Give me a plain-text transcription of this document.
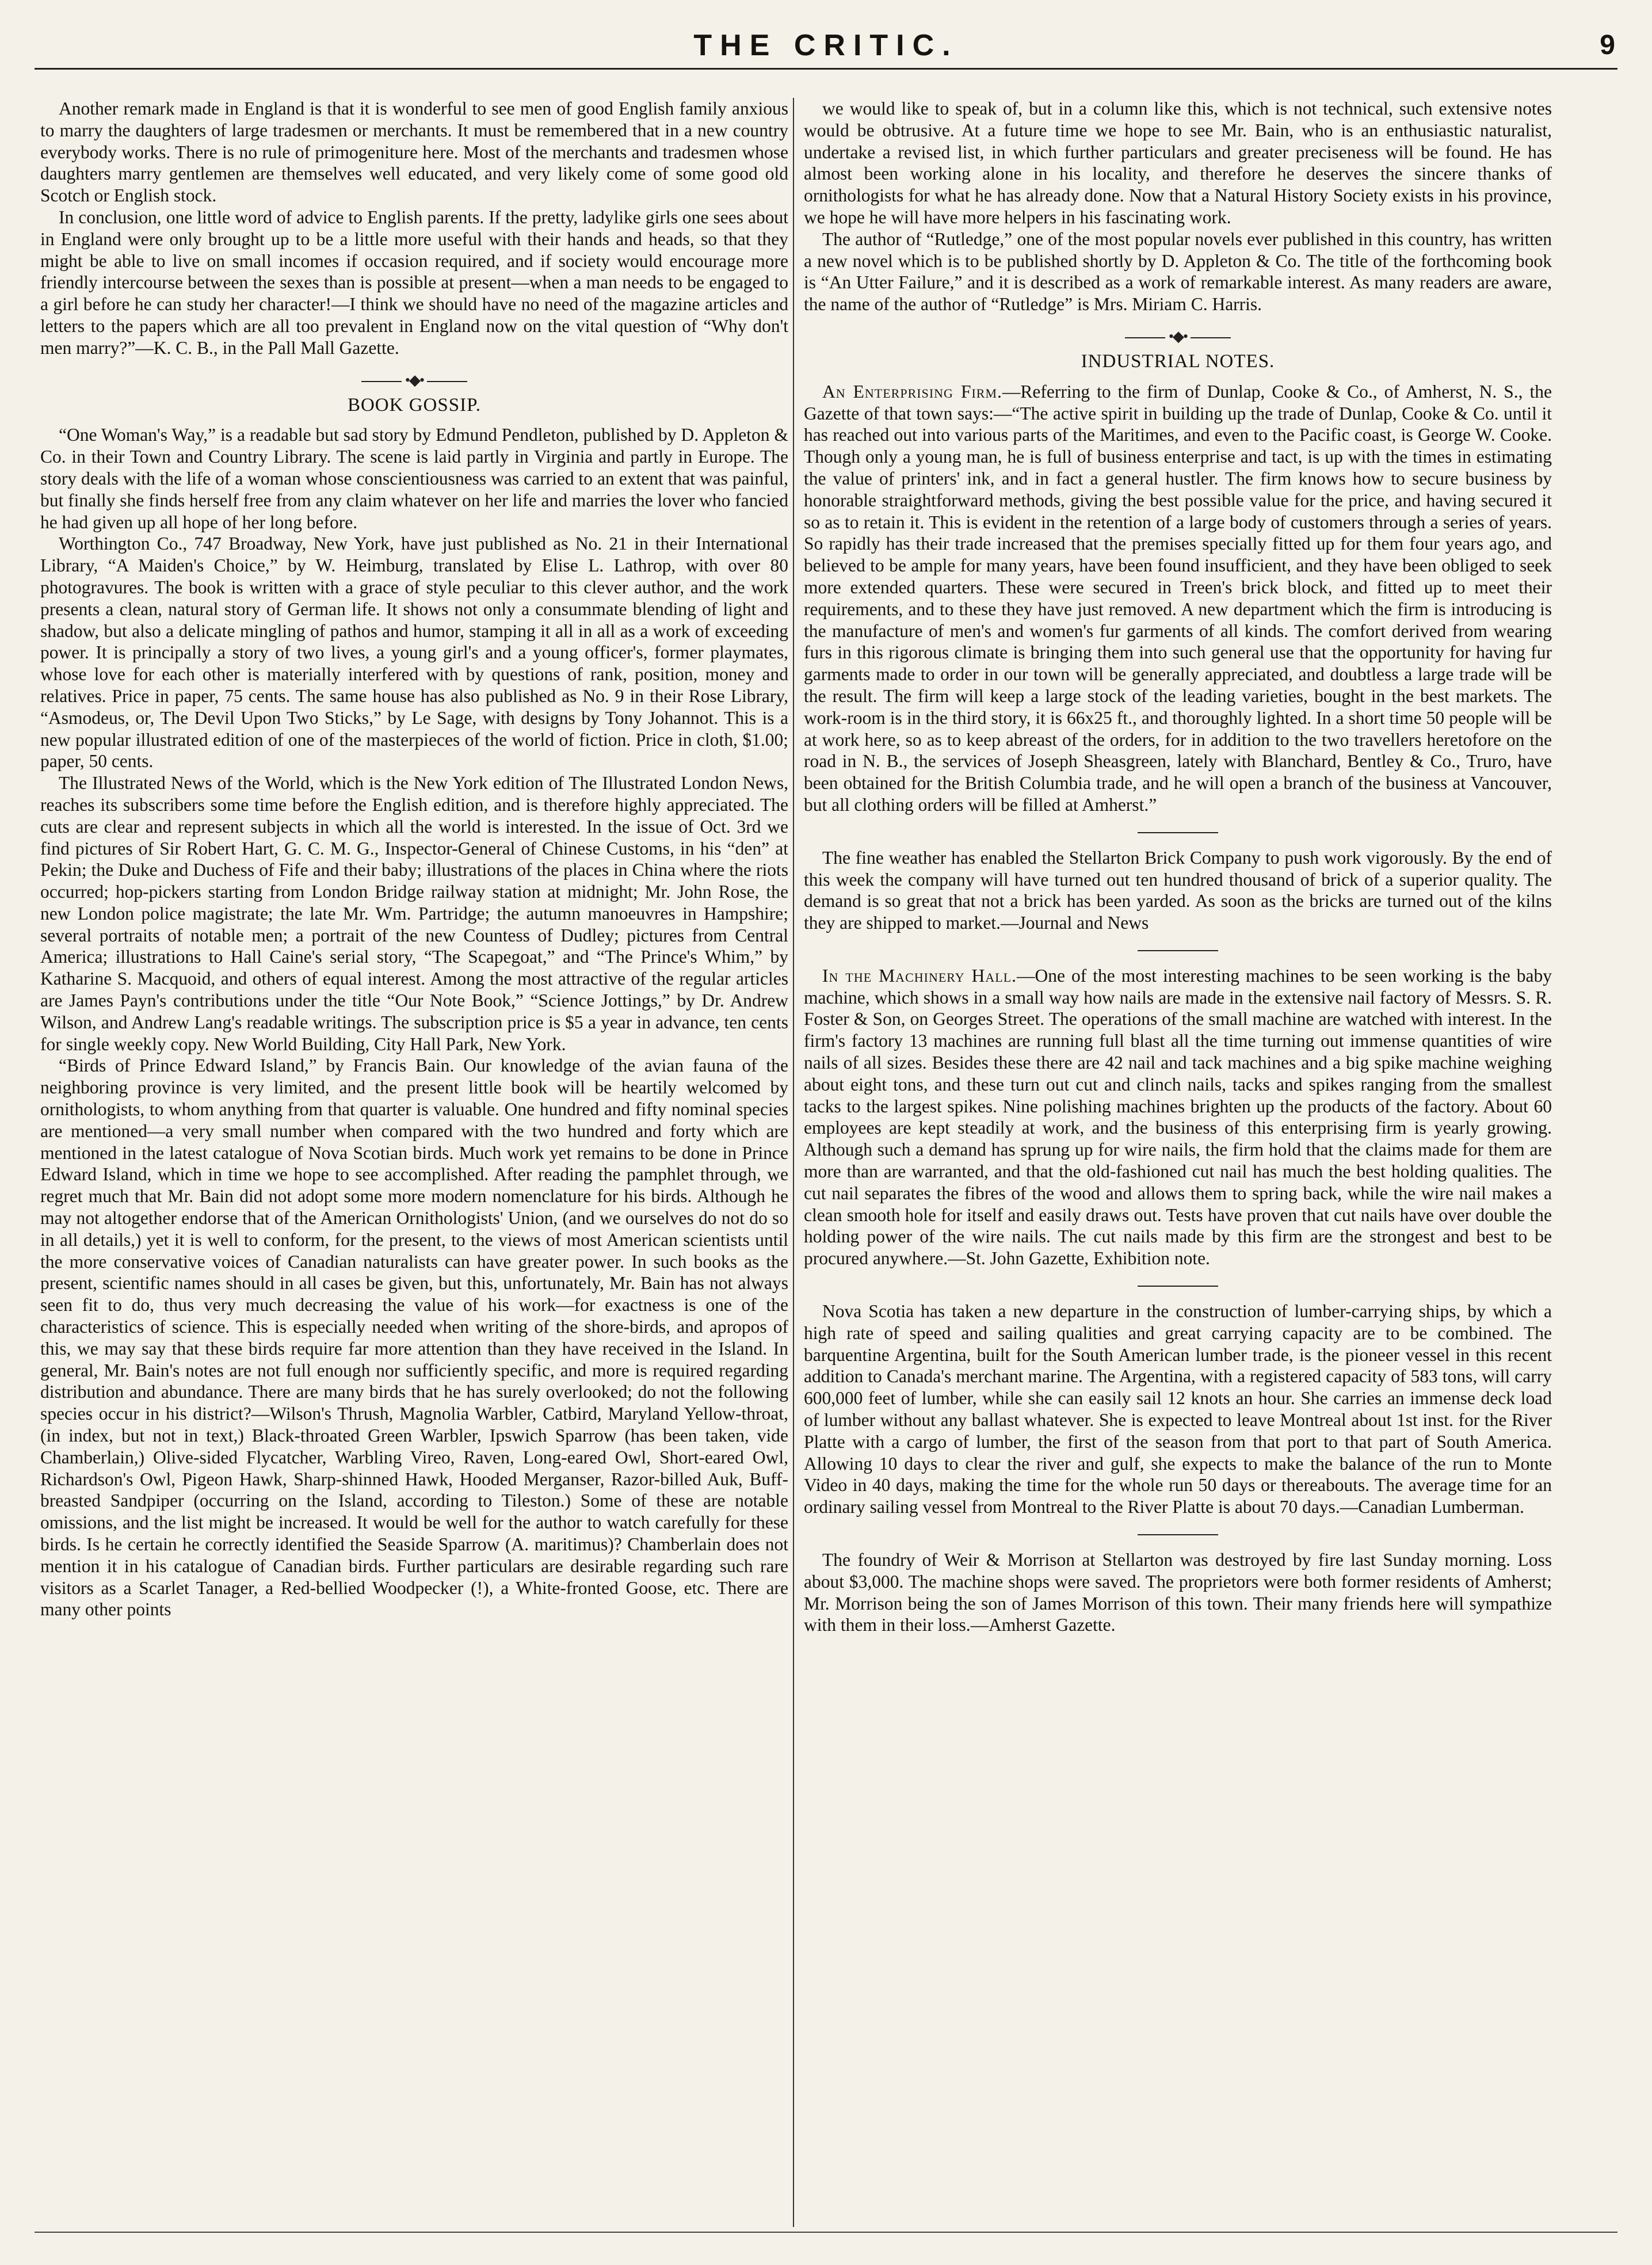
THE CRITIC.	9

Another remark made in England is that it is wonderful to see men of good English family anxious to marry the daughters of large tradesmen or merchants. It must be remembered that in a new country everybody works. There is no rule of primogeniture here. Most of the merchants and tradesmen whose daughters marry gentlemen are themselves well educated, and very likely come of some good old Scotch or English stock.

In conclusion, one little word of advice to English parents. If the pretty, ladylike girls one sees about in England were only brought up to be a little more useful with their hands and heads, so that they might be able to live on small incomes if occasion required, and if society would encourage more friendly intercourse between the sexes than is possible at present—when a man needs to be engaged to a girl before he can study her character!—I think we should have no need of the magazine articles and letters to the papers which are all too prevalent in England now on the vital question of “Why don't men marry?”—K. C. B., in the Pall Mall Gazette.

•◆•
BOOK GOSSIP.

“One Woman's Way,” is a readable but sad story by Edmund Pendleton, published by D. Appleton & Co. in their Town and Country Library. The scene is laid partly in Virginia and partly in Europe. The story deals with the life of a woman whose conscientiousness was carried to an extent that was painful, but finally she finds herself free from any claim whatever on her life and marries the lover who fancied he had given up all hope of her long before.

Worthington Co., 747 Broadway, New York, have just published as No. 21 in their International Library, “A Maiden's Choice,” by W. Heimburg, translated by Elise L. Lathrop, with over 80 photogravures. The book is written with a grace of style peculiar to this clever author, and the work presents a clean, natural story of German life. It shows not only a consummate blending of light and shadow, but also a delicate mingling of pathos and humor, stamping it all in all as a work of exceeding power. It is principally a story of two lives, a young girl's and a young officer's, former playmates, whose love for each other is materially interfered with by questions of rank, position, money and relatives. Price in paper, 75 cents. The same house has also published as No. 9 in their Rose Library, “Asmodeus, or, The Devil Upon Two Sticks,” by Le Sage, with designs by Tony Johannot. This is a new popular illustrated edition of one of the masterpieces of the world of fiction. Price in cloth, $1.00; paper, 50 cents.

The Illustrated News of the World, which is the New York edition of The Illustrated London News, reaches its subscribers some time before the English edition, and is therefore highly appreciated. The cuts are clear and represent subjects in which all the world is interested. In the issue of Oct. 3rd we find pictures of Sir Robert Hart, G. C. M. G., Inspector-General of Chinese Customs, in his “den” at Pekin; the Duke and Duchess of Fife and their baby; illustrations of the places in China where the riots occurred; hop-pickers starting from London Bridge railway station at midnight; Mr. John Rose, the new London police magistrate; the late Mr. Wm. Partridge; the autumn manoeuvres in Hampshire; several portraits of notable men; a portrait of the new Countess of Dudley; pictures from Central America; illustrations to Hall Caine's serial story, “The Scapegoat,” and “The Prince's Whim,” by Katharine S. Macquoid, and others of equal interest. Among the most attractive of the regular articles are James Payn's contributions under the title “Our Note Book,” “Science Jottings,” by Dr. Andrew Wilson, and Andrew Lang's readable writings. The subscription price is $5 a year in advance, ten cents for single weekly copy. New World Building, City Hall Park, New York.

“Birds of Prince Edward Island,” by Francis Bain. Our knowledge of the avian fauna of the neighboring province is very limited, and the present little book will be heartily welcomed by ornithologists, to whom anything from that quarter is valuable. One hundred and fifty nominal species are mentioned—a very small number when compared with the two hundred and forty which are mentioned in the latest catalogue of Nova Scotian birds. Much work yet remains to be done in Prince Edward Island, which in time we hope to see accomplished. After reading the pamphlet through, we regret much that Mr. Bain did not adopt some more modern nomenclature for his birds. Although he may not altogether endorse that of the American Ornithologists' Union, (and we ourselves do not do so in all details,) yet it is well to conform, for the present, to the views of most American scientists until the more conservative voices of Canadian naturalists can have greater power. In such books as the present, scientific names should in all cases be given, but this, unfortunately, Mr. Bain has not always seen fit to do, thus very much decreasing the value of his work—for exactness is one of the characteristics of science. This is especially needed when writing of the shore-birds, and apropos of this, we may say that these birds require far more attention than they have received in the Island. In general, Mr. Bain's notes are not full enough nor sufficiently specific, and more is required regarding distribution and abundance. There are many birds that he has surely overlooked; do not the following species occur in his district?—Wilson's Thrush, Magnolia Warbler, Catbird, Maryland Yellow-throat, (in index, but not in text,) Black-throated Green Warbler, Ipswich Sparrow (has been taken, vide Chamberlain,) Olive-sided Flycatcher, Warbling Vireo, Raven, Long-eared Owl, Short-eared Owl, Richardson's Owl, Pigeon Hawk, Sharp-shinned Hawk, Hooded Merganser, Razor-billed Auk, Buff-breasted Sandpiper (occurring on the Island, according to Tileston.) Some of these are notable omissions, and the list might be increased. It would be well for the author to watch carefully for these birds. Is he certain he correctly identified the Seaside Sparrow (A. maritimus)? Chamberlain does not mention it in his catalogue of Canadian birds. Further particulars are desirable regarding such rare visitors as a Scarlet Tanager, a Red-bellied Woodpecker (!), a White-fronted Goose, etc. There are many other points

we would like to speak of, but in a column like this, which is not technical, such extensive notes would be obtrusive. At a future time we hope to see Mr. Bain, who is an enthusiastic naturalist, undertake a revised list, in which further particulars and greater preciseness will be found. He has almost been working alone in his locality, and therefore he deserves the sincere thanks of ornithologists for what he has already done. Now that a Natural History Society exists in his province, we hope he will have more helpers in his fascinating work.

The author of “Rutledge,” one of the most popular novels ever published in this country, has written a new novel which is to be published shortly by D. Appleton & Co. The title of the forthcoming book is “An Utter Failure,” and it is described as a work of remarkable interest. As many readers are aware, the name of the author of “Rutledge” is Mrs. Miriam C. Harris.

•◆•
INDUSTRIAL NOTES.

An Enterprising Firm.—Referring to the firm of Dunlap, Cooke & Co., of Amherst, N. S., the Gazette of that town says:—“The active spirit in building up the trade of Dunlap, Cooke & Co. until it has reached out into various parts of the Maritimes, and even to the Pacific coast, is George W. Cooke. Though only a young man, he is full of business enterprise and tact, is up with the times in estimating the value of printers' ink, and in fact a general hustler. The firm knows how to secure business by honorable straightforward methods, giving the best possible value for the price, and having secured it so as to retain it. This is evident in the retention of a large body of customers through a series of years. So rapidly has their trade increased that the premises specially fitted up for them four years ago, and believed to be ample for many years, have been found insufficient, and they have been obliged to seek more extended quarters. These were secured in Treen's brick block, and fitted up to meet their requirements, and to these they have just removed. A new department which the firm is introducing is the manufacture of men's and women's fur garments of all kinds. The comfort derived from wearing furs in this rigorous climate is bringing them into such general use that the opportunity for having fur garments made to order in our town will be generally appreciated, and doubtless a large trade will be the result. The firm will keep a large stock of the leading varieties, bought in the best markets. The work-room is in the third story, it is 66x25 ft., and thoroughly lighted. In a short time 50 people will be at work here, so as to keep abreast of the orders, for in addition to the two travellers heretofore on the road in N. B., the services of Joseph Sheasgreen, lately with Blanchard, Bentley & Co., Truro, have been obtained for the British Columbia trade, and he will open a branch of the business at Vancouver, but all clothing orders will be filled at Amherst.”

The fine weather has enabled the Stellarton Brick Company to push work vigorously. By the end of this week the company will have turned out ten hundred thousand of brick of a superior quality. The demand is so great that not a brick has been yarded. As soon as the bricks are turned out of the kilns they are shipped to market.—Journal and News

In the Machinery Hall.—One of the most interesting machines to be seen working is the baby machine, which shows in a small way how nails are made in the extensive nail factory of Messrs. S. R. Foster & Son, on Georges Street. The operations of the small machine are watched with interest. In the firm's factory 13 machines are running full blast all the time turning out immense quantities of wire nails of all sizes. Besides these there are 42 nail and tack machines and a big spike machine weighing about eight tons, and these turn out cut and clinch nails, tacks and spikes ranging from the smallest tacks to the largest spikes. Nine polishing machines brighten up the products of the factory. About 60 employees are kept steadily at work, and the business of this enterprising firm is yearly growing. Although such a demand has sprung up for wire nails, the firm hold that the claims made for them are more than are warranted, and that the old-fashioned cut nail has much the best holding qualities. The cut nail separates the fibres of the wood and allows them to spring back, while the wire nail makes a clean smooth hole for itself and easily draws out. Tests have proven that cut nails have over double the holding power of the wire nails. The cut nails made by this firm are the strongest and best to be procured anywhere.—St. John Gazette, Exhibition note.

Nova Scotia has taken a new departure in the construction of lumber-carrying ships, by which a high rate of speed and sailing qualities and great carrying capacity are to be combined. The barquentine Argentina, built for the South American lumber trade, is the pioneer vessel in this recent addition to Canada's merchant marine. The Argentina, with a registered capacity of 583 tons, will carry 600,000 feet of lumber, while she can easily sail 12 knots an hour. She carries an immense deck load of lumber without any ballast whatever. She is expected to leave Montreal about 1st inst. for the River Platte with a cargo of lumber, the first of the season from that port to that part of South America. Allowing 10 days to clear the river and gulf, she expects to make the balance of the run to Monte Video in 40 days, making the time for the whole run 50 days or thereabouts. The average time for an ordinary sailing vessel from Montreal to the River Platte is about 70 days.—Canadian Lumberman.

The foundry of Weir & Morrison at Stellarton was destroyed by fire last Sunday morning. Loss about $3,000. The machine shops were saved. The proprietors were both former residents of Amherst; Mr. Morrison being the son of James Morrison of this town. Their many friends here will sympathize with them in their loss.—Amherst Gazette.
